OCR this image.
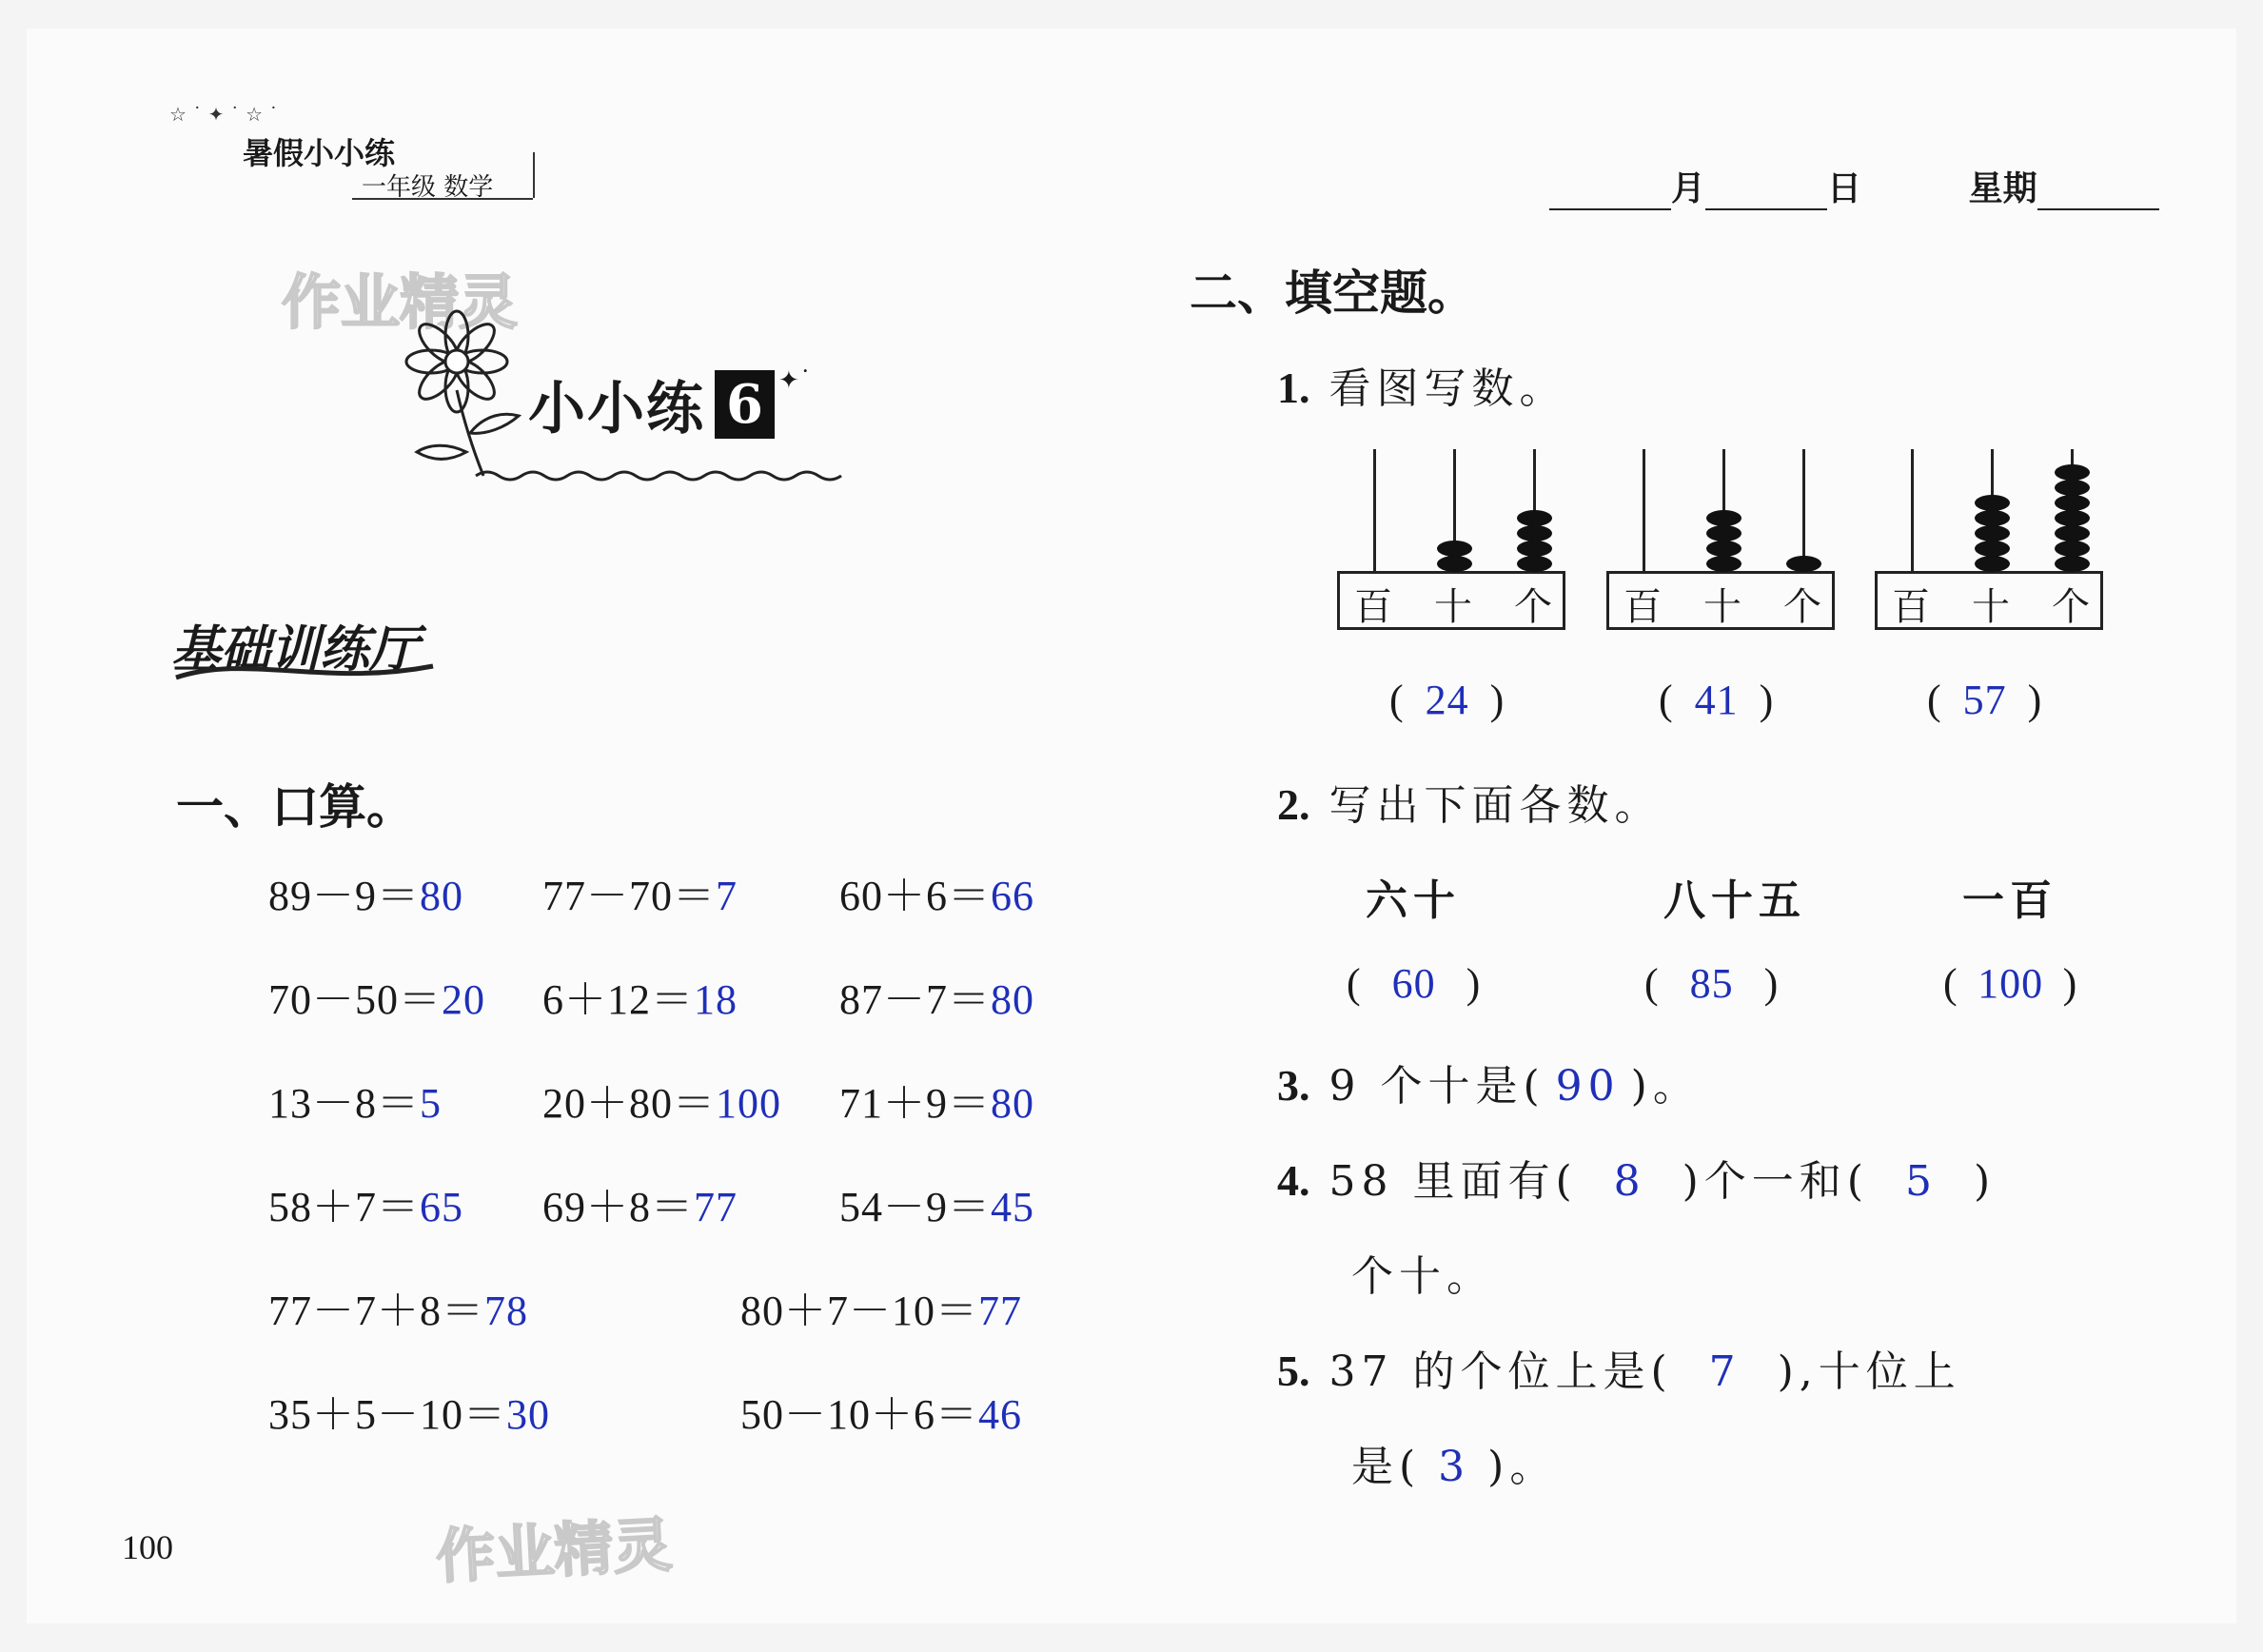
☆ ˙ ✦ ˙ ☆ ˙
暑假小小练
一年级 数学	月	日	星期
作业精灵
作业精灵
小小练 6 ✦˙
基础训练厅
一、口算。
89－9＝80 77－70＝7 60＋6＝66
70－50＝20 6＋12＝18 87－7＝80
13－8＝5 20＋80＝100 71＋9＝80
58＋7＝65 69＋8＝77 54－9＝45
77－7＋8＝78	80＋7－10＝77
35＋5－10＝30	50－10＋6＝46
二、填空题。
1. 看图写数。
百 十 个
( 24 )
百 十 个
( 41 )
百 十 个
( 57 )
2. 写出下面各数。
六十
( 60 )
八十五
( 85 )
一百
( 100 )
3. 9 个十是( 90 )。
4. 58 里面有( 8 )个一和( 5 )
个十。
5. 37 的个位上是( 7 ),十位上
是( 3 )。
100
